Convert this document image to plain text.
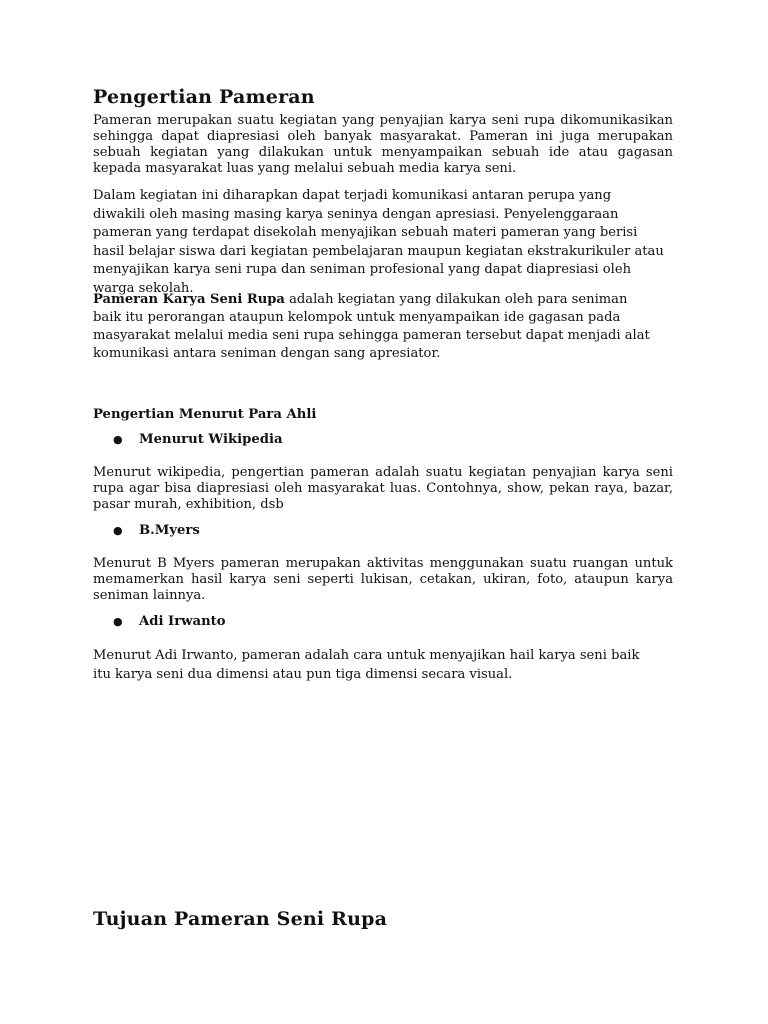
Pengertian Pameran

Pameran merupakan suatu kegiatan yang penyajian karya seni rupa dikomunikasikan sehingga dapat diapresiasi oleh banyak masyarakat. Pameran ini juga merupakan sebuah kegiatan yang dilakukan untuk menyampaikan sebuah ide atau gagasan kepada masyarakat luas yang melalui sebuah media karya seni.

Dalam kegiatan ini diharapkan dapat terjadi komunikasi antaran perupa yang diwakili oleh masing masing karya seninya dengan apresiasi. Penyelenggaraan pameran yang terdapat disekolah menyajikan sebuah materi pameran yang berisi hasil belajar siswa dari kegiatan pembelajaran maupun kegiatan ekstrakurikuler atau menyajikan karya seni rupa dan seniman profesional yang dapat diapresiasi oleh warga sekolah.

Pameran Karya Seni Rupa adalah kegiatan yang dilakukan oleh para seniman baik itu perorangan ataupun kelompok untuk menyampaikan ide gagasan pada masyarakat melalui media seni rupa sehingga pameran tersebut dapat menjadi alat komunikasi antara seniman dengan sang apresiator.

Pengertian Menurut Para Ahli
●	Menurut Wikipedia

Menurut wikipedia, pengertian pameran adalah suatu kegiatan penyajian karya seni rupa agar bisa diapresiasi oleh masyarakat luas. Contohnya, show, pekan raya, bazar, pasar murah, exhibition, dsb

●	B.Myers

Menurut B Myers pameran merupakan aktivitas menggunakan suatu ruangan untuk memamerkan hasil karya seni seperti lukisan, cetakan, ukiran, foto, ataupun karya seniman lainnya.

●	Adi Irwanto

Menurut Adi Irwanto, pameran adalah cara untuk menyajikan hail karya seni baik itu karya seni dua dimensi atau pun tiga dimensi secara visual.

Tujuan Pameran Seni Rupa
